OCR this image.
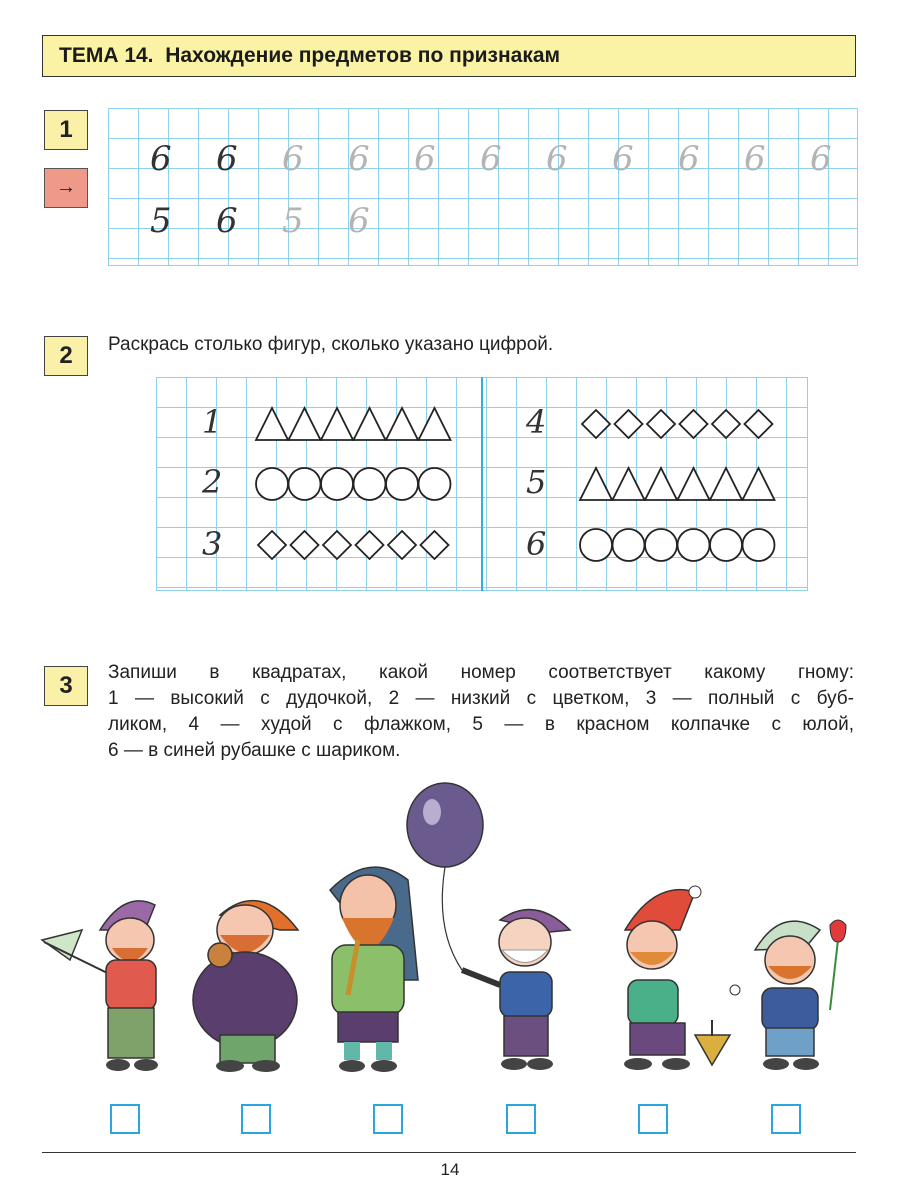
ТЕМА 14.  Нахождение предметов по признакам
1
→
6 6 6 6 6 6 6 6 6 6 6
5 6 5 6
2	Раскрась столько фигур, сколько указано цифрой.
1
2
3
4
5
6
3	Запиши в квадратах, какой номер соответствует какому гному:
1 — высокий с дудочкой, 2 — низкий с цветком, 3 — полный с буб-
ликом, 4 — худой с флажком, 5 — в красном колпачке с юлой,
6 — в синей рубашке с шариком.
14
